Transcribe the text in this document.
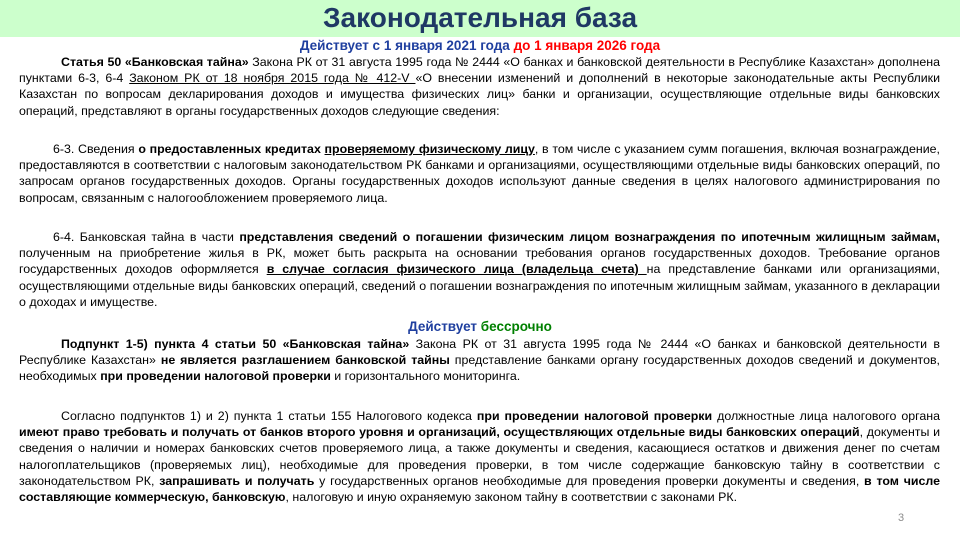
Законодательная база
Действует с 1 января 2021 года до 1 января 2026 года
Статья 50 «Банковская тайна» Закона РК от 31 августа 1995 года № 2444 «О банках и банковской деятельности в Республике Казахстан» дополнена пунктами 6-3, 6-4 Законом РК от 18 ноября 2015 года № 412-V «О внесении изменений и дополнений в некоторые законодательные акты Республики Казахстан по вопросам декларирования доходов и имущества физических лиц» банки и организации, осуществляющие отдельные виды банковских операций, представляют в органы государственных доходов следующие сведения:
6-3. Сведения о предоставленных кредитах проверяемому физическому лицу, в том числе с указанием сумм погашения, включая вознаграждение, предоставляются в соответствии с налоговым законодательством РК банками и организациями, осуществляющими отдельные виды банковских операций, по запросам органов государственных доходов. Органы государственных доходов используют данные сведения в целях налогового администрирования по вопросам, связанным с налогообложением проверяемого лица.
6-4. Банковская тайна в части представления сведений о погашении физическим лицом вознаграждения по ипотечным жилищным займам, полученным на приобретение жилья в РК, может быть раскрыта на основании требования органов государственных доходов. Требование органов государственных доходов оформляется в случае согласия физического лица (владельца счета) на представление банками или организациями, осуществляющими отдельные виды банковских операций, сведений о погашении вознаграждения по ипотечным жилищным займам, указанного в декларации о доходах и имуществе.
Действует бессрочно
Подпункт 1-5) пункта 4 статьи 50 «Банковская тайна» Закона РК от 31 августа 1995 года № 2444 «О банках и банковской деятельности в Республике Казахстан» не является разглашением банковской тайны представление банками органу государственных доходов сведений и документов, необходимых при проведении налоговой проверки и горизонтального мониторинга.
Согласно подпунктов 1) и 2) пункта 1 статьи 155 Налогового кодекса при проведении налоговой проверки должностные лица налогового органа имеют право требовать и получать от банков второго уровня и организаций, осуществляющих отдельные виды банковских операций, документы и сведения о наличии и номерах банковских счетов проверяемого лица, а также документы и сведения, касающиеся остатков и движения денег по счетам налогоплательщиков (проверяемых лиц), необходимые для проведения проверки, в том числе содержащие банковскую тайну в соответствии с законодательством РК, запрашивать и получать у государственных органов необходимые для проведения проверки документы и сведения, в том числе составляющие коммерческую, банковскую, налоговую и иную охраняемую законом тайну в соответствии с законами РК.
3
